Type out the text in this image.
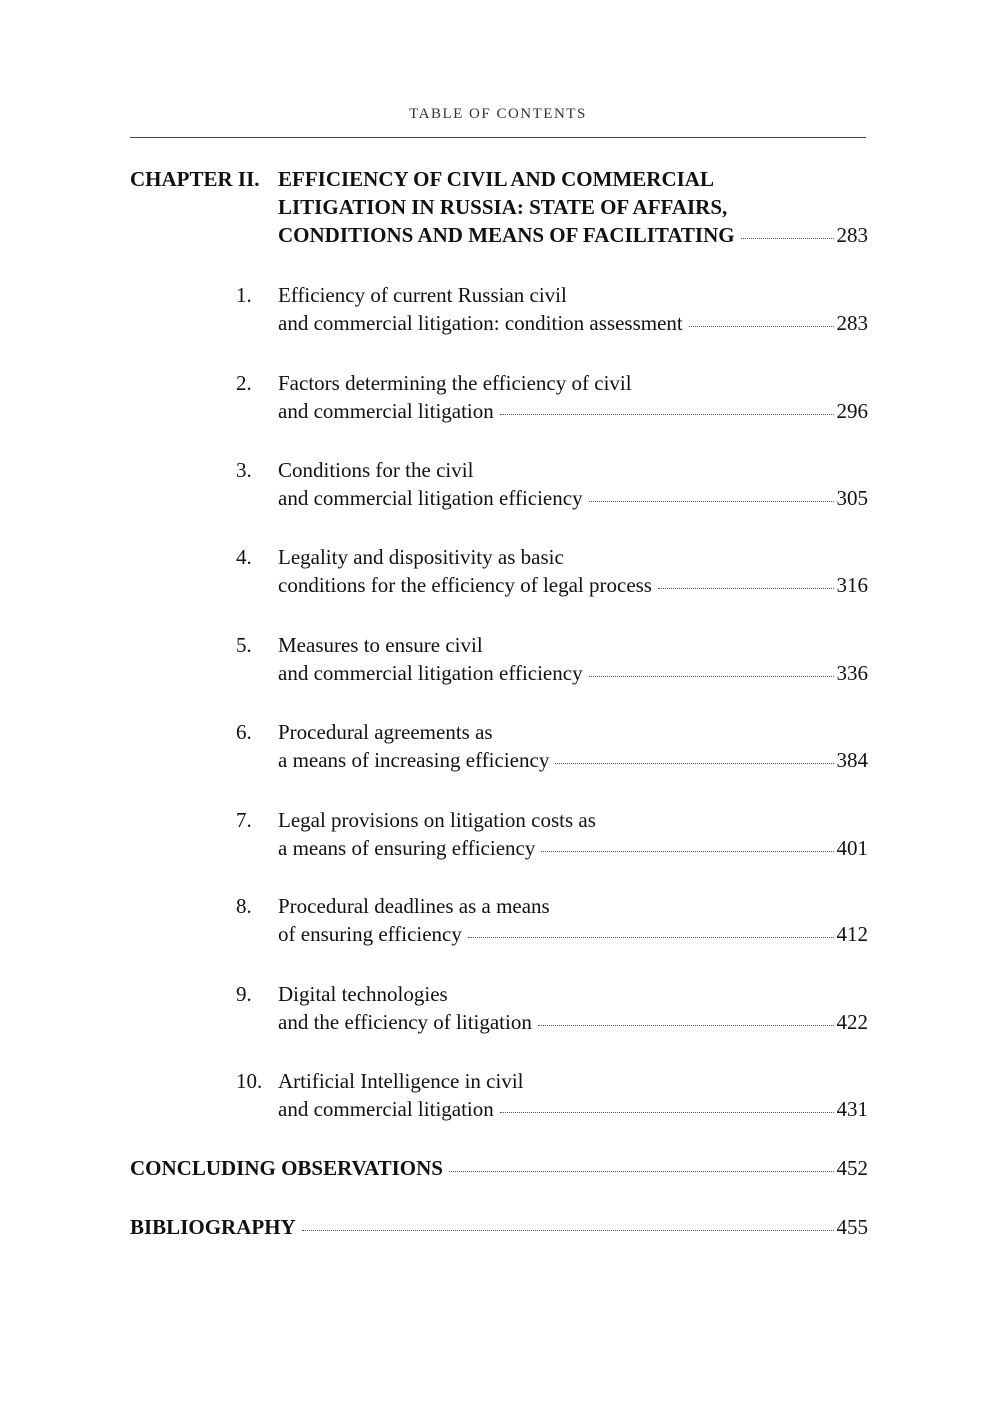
TABLE OF CONTENTS
CHAPTER II. EFFICIENCY OF CIVIL AND COMMERCIAL
LITIGATION IN RUSSIA: STATE OF AFFAIRS,
CONDITIONS AND MEANS OF FACILITATING	283
1. Efficiency of current Russian civil
and commercial litigation: condition assessment	283
2. Factors determining the efficiency of civil
and commercial litigation	296
3. Conditions for the civil
and commercial litigation efficiency	305
4. Legality and dispositivity as basic
conditions for the efficiency of legal process	316
5. Measures to ensure civil
and commercial litigation efficiency	336
6. Procedural agreements as
a means of increasing efficiency	384
7. Legal provisions on litigation costs as
a means of ensuring efficiency	401
8. Procedural deadlines as a means
of ensuring efficiency	412
9. Digital technologies
and the efficiency of litigation	422
10. Artificial Intelligence in civil
and commercial litigation	431
CONCLUDING OBSERVATIONS	452
BIBLIOGRAPHY	455
